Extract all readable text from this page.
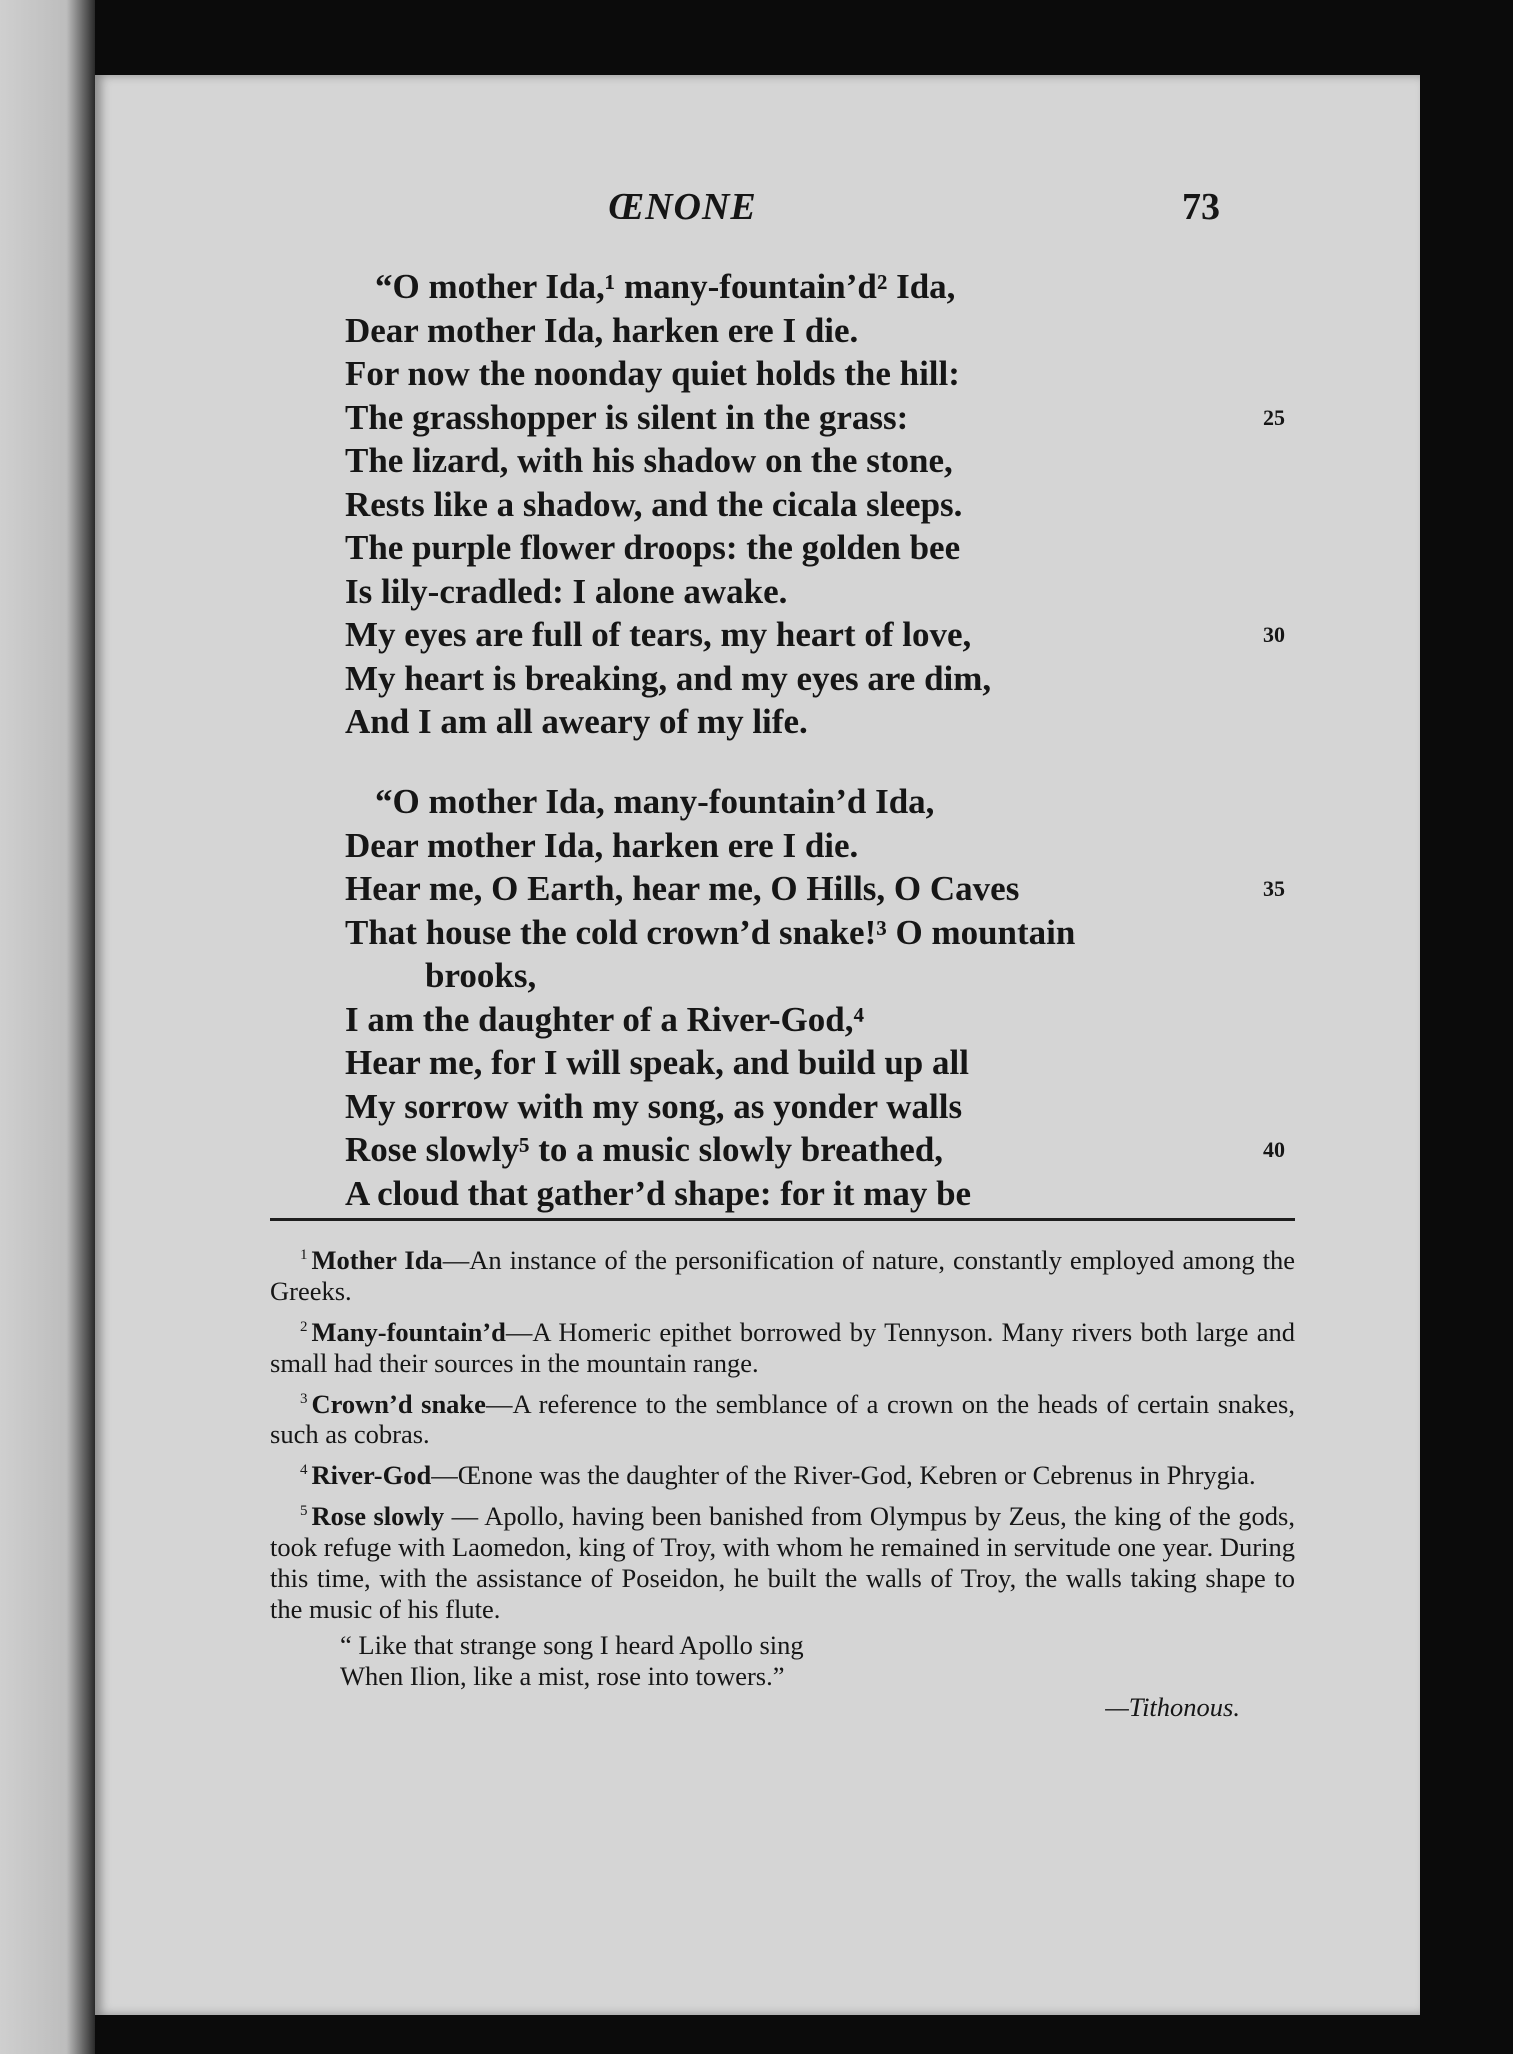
ŒNONE	73
“O mother Ida,¹ many-fountain’d² Ida,
Dear mother Ida, harken ere I die.
For now the noonday quiet holds the hill:
The grasshopper is silent in the grass:	25
The lizard, with his shadow on the stone,
Rests like a shadow, and the cicala sleeps.
The purple flower droops: the golden bee
Is lily-cradled: I alone awake.
My eyes are full of tears, my heart of love,	30
My heart is breaking, and my eyes are dim,
And I am all aweary of my life.
“O mother Ida, many-fountain’d Ida,
Dear mother Ida, harken ere I die.
Hear me, O Earth, hear me, O Hills, O Caves	35
That house the cold crown’d snake!³ O mountain
brooks,
I am the daughter of a River-God,⁴
Hear me, for I will speak, and build up all
My sorrow with my song, as yonder walls
Rose slowly⁵ to a music slowly breathed,	40
A cloud that gather’d shape: for it may be

$^1$ Mother Ida—An instance of the personification of nature, constantly employed among the Greeks.

$^2$ Many-fountain’d—A Homeric epithet borrowed by Tennyson. Many rivers both large and small had their sources in the mountain range.

$^3$ Crown’d snake—A reference to the semblance of a crown on the heads of certain snakes, such as cobras.

$^4$ River-God—Œnone was the daughter of the River-God, Kebren or Cebrenus in Phrygia.

$^5$ Rose slowly — Apollo, having been banished from Olympus by Zeus, the king of the gods, took refuge with Laomedon, king of Troy, with whom he remained in servitude one year. During this time, with the assistance of Poseidon, he built the walls of Troy, the walls taking shape to the music of his flute.

“ Like that strange song I heard Apollo sing
When Ilion, like a mist, rose into towers.”
—Tithonous.
